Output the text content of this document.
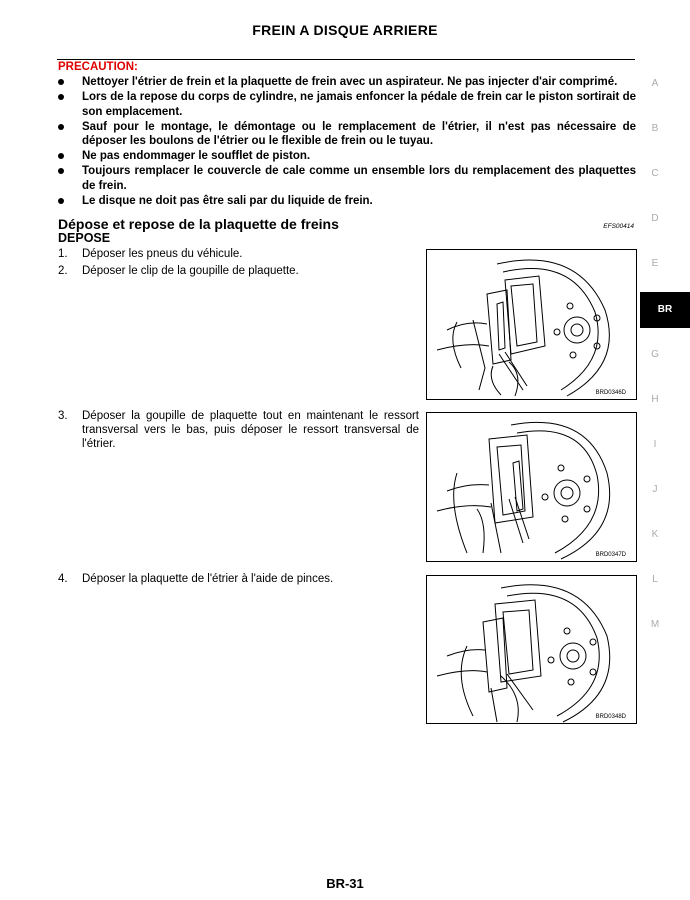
FREIN A DISQUE ARRIERE
PRECAUTION:
Nettoyer l'étrier de frein et la plaquette de frein avec un aspirateur. Ne pas injecter d'air comprimé.
Lors de la repose du corps de cylindre, ne jamais enfoncer la pédale de frein car le piston sortirait de son emplacement.
Sauf pour le montage, le démontage ou le remplacement de l'étrier, il n'est pas nécessaire de déposer les boulons de l'étrier ou le flexible de frein ou le tuyau.
Ne pas endommager le soufflet de piston.
Toujours remplacer le couvercle de cale comme un ensemble lors du remplacement des plaquettes de frein.
Le disque ne doit pas être sali par du liquide de frein.
Dépose et repose de la plaquette de freins	EFS00414
DEPOSE
1. Déposer les pneus du véhicule.
2. Déposer le clip de la goupille de plaquette.
3. Déposer la goupille de plaquette tout en maintenant le ressort transversal vers le bas, puis déposer le ressort transversal de l'étrier.
4. Déposer la plaquette de l'étrier à l'aide de pinces.
BRD0346D
BRD0347D
BRD0348D
A
B
C
D
E
BR
G
H
I
J
K
L
M
BR-31
